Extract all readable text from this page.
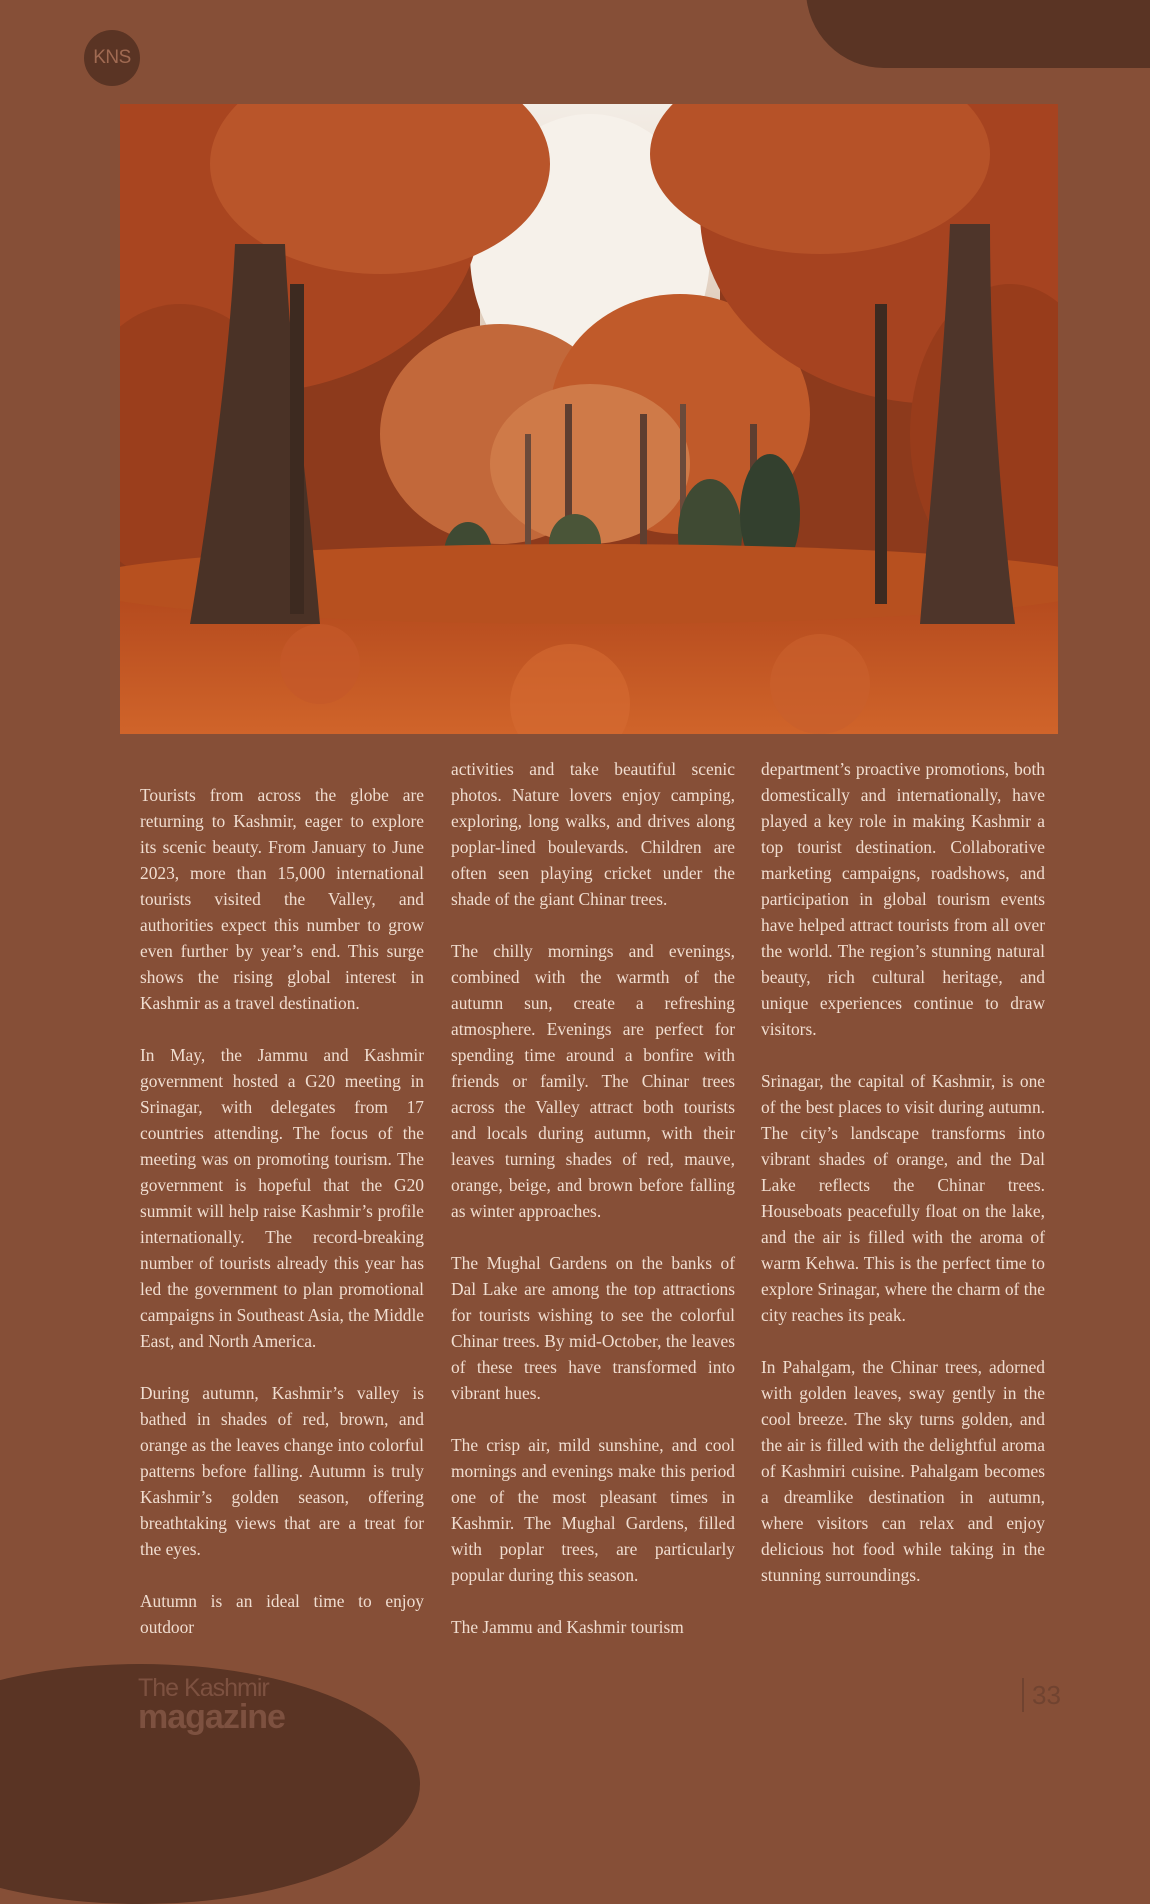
KNS

Tourists from across the globe are returning to Kashmir, eager to explore its scenic beauty. From January to June 2023, more than 15,000 international tourists visited the Valley, and authorities expect this number to grow even further by year’s end. This surge shows the rising global interest in Kashmir as a travel destination.

In May, the Jammu and Kashmir government hosted a G20 meeting in Srinagar, with delegates from 17 countries attending. The focus of the meeting was on promoting tourism. The government is hopeful that the G20 summit will help raise Kashmir’s profile internationally. The record-breaking number of tourists already this year has led the government to plan promotional campaigns in Southeast Asia, the Middle East, and North America.

During autumn, Kashmir’s valley is bathed in shades of red, brown, and orange as the leaves change into colorful patterns before falling. Autumn is truly Kashmir’s golden season, offering breathtaking views that are a treat for the eyes.

Autumn is an ideal time to enjoy outdoor

activities and take beautiful scenic photos. Nature lovers enjoy camping, exploring, long walks, and drives along poplar-lined boulevards. Children are often seen playing cricket under the shade of the giant Chinar trees.

The chilly mornings and evenings, combined with the warmth of the autumn sun, create a refreshing atmosphere. Evenings are perfect for spending time around a bonfire with friends or family. The Chinar trees across the Valley attract both tourists and locals during autumn, with their leaves turning shades of red, mauve, orange, beige, and brown before falling as winter approaches.

The Mughal Gardens on the banks of Dal Lake are among the top attractions for tourists wishing to see the colorful Chinar trees. By mid-October, the leaves of these trees have transformed into vibrant hues.

The crisp air, mild sunshine, and cool mornings and evenings make this period one of the most pleasant times in Kashmir. The Mughal Gardens, filled with poplar trees, are particularly popular during this season.

The Jammu and Kashmir tourism

department’s proactive promotions, both domestically and internationally, have played a key role in making Kashmir a top tourist destination. Collaborative marketing campaigns, roadshows, and participation in global tourism events have helped attract tourists from all over the world. The region’s stunning natural beauty, rich cultural heritage, and unique experiences continue to draw visitors.

Srinagar, the capital of Kashmir, is one of the best places to visit during autumn. The city’s landscape transforms into vibrant shades of orange, and the Dal Lake reflects the Chinar trees. Houseboats peacefully float on the lake, and the air is filled with the aroma of warm Kehwa. This is the perfect time to explore Srinagar, where the charm of the city reaches its peak.

In Pahalgam, the Chinar trees, adorned with golden leaves, sway gently in the cool breeze. The sky turns golden, and the air is filled with the delightful aroma of Kashmiri cuisine. Pahalgam becomes a dreamlike destination in autumn, where visitors can relax and enjoy delicious hot food while taking in the stunning surroundings.

The Kashmir
magazine
33
